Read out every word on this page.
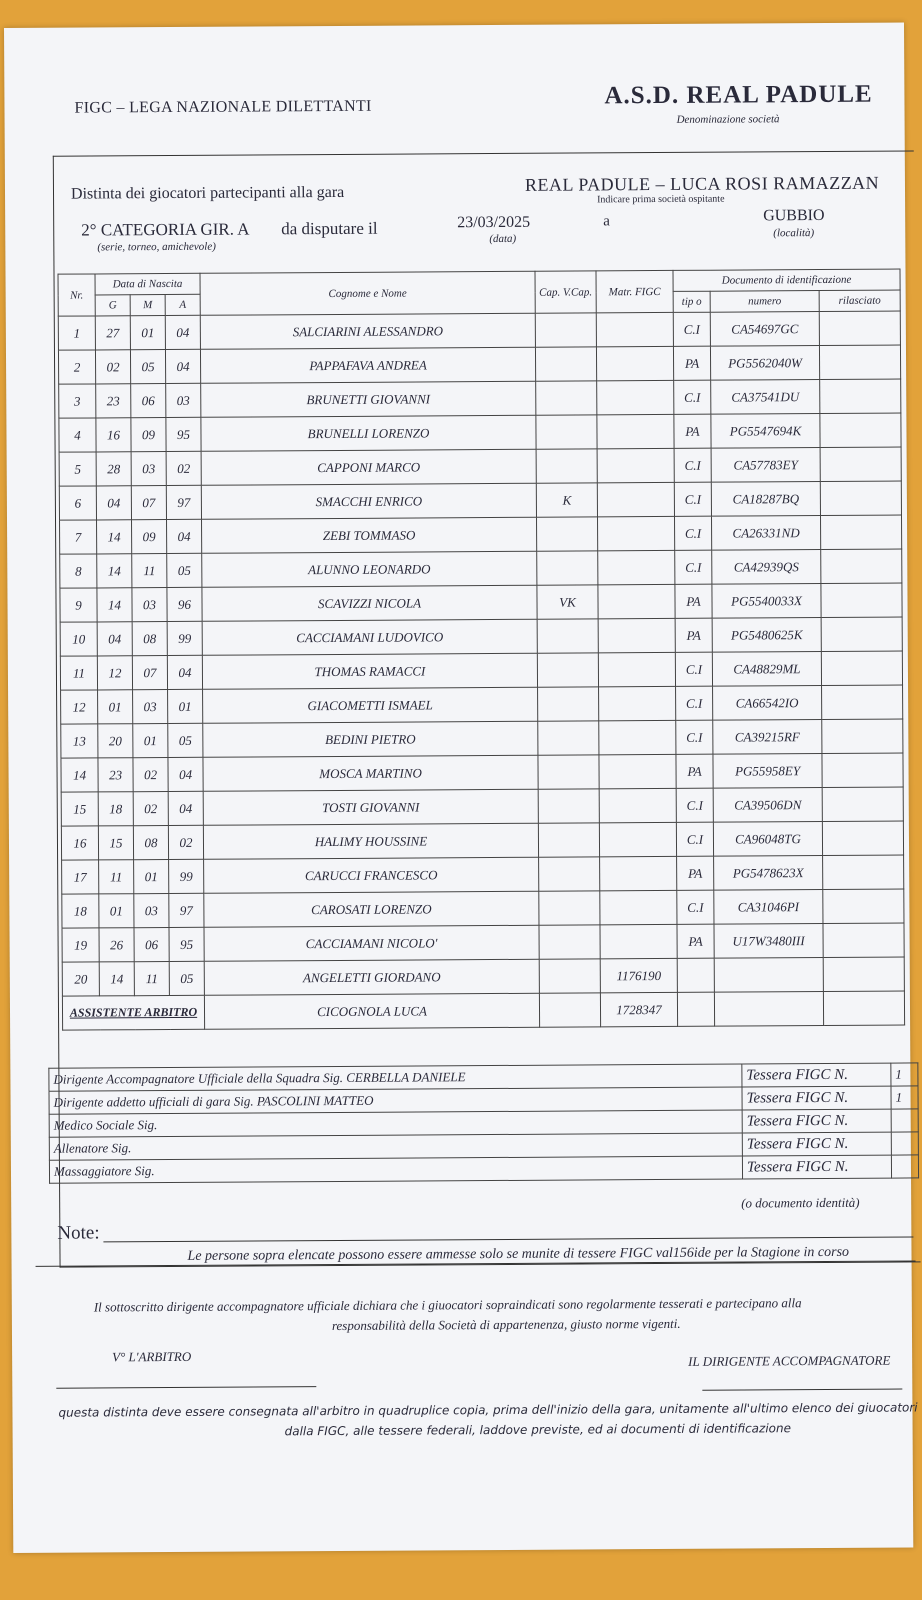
FIGC – LEGA NAZIONALE DILETTANTI	A.S.D. REAL PADULE
Denominazione società
Distinta dei giocatori partecipanti alla gara	REAL PADULE – LUCA ROSI RAMAZZAN
Indicare prima società ospitante
2° CATEGORIA GIR. A
(serie, torneo, amichevole)
da disputare il	23/03/2025
(data)
a	GUBBIO
(località)
Nr.	Data di Nascita			Cognome e Nome	Cap. V.Cap.	Matr. FIGC	Documento di identificazione		
	G	M	A				tip o	numero	rilasciato
1	27	01	04	SALCIARINI ALESSANDRO			C.I	CA54697GC	
2	02	05	04	PAPPAFAVA ANDREA			PA	PG5562040W	
3	23	06	03	BRUNETTI GIOVANNI			C.I	CA37541DU	
4	16	09	95	BRUNELLI LORENZO			PA	PG5547694K	
5	28	03	02	CAPPONI MARCO			C.I	CA57783EY	
6	04	07	97	SMACCHI ENRICO	K		C.I	CA18287BQ	
7	14	09	04	ZEBI TOMMASO			C.I	CA26331ND	
8	14	11	05	ALUNNO LEONARDO			C.I	CA42939QS	
9	14	03	96	SCAVIZZI NICOLA	VK		PA	PG5540033X	
10	04	08	99	CACCIAMANI LUDOVICO			PA	PG5480625K	
11	12	07	04	THOMAS RAMACCI			C.I	CA48829ML	
12	01	03	01	GIACOMETTI ISMAEL			C.I	CA66542IO	
13	20	01	05	BEDINI PIETRO			C.I	CA39215RF	
14	23	02	04	MOSCA MARTINO			PA	PG55958EY	
15	18	02	04	TOSTI GIOVANNI			C.I	CA39506DN	
16	15	08	02	HALIMY HOUSSINE			C.I	CA96048TG	
17	11	01	99	CARUCCI FRANCESCO			PA	PG5478623X	
18	01	03	97	CAROSATI LORENZO			C.I	CA31046PI	
19	26	06	95	CACCIAMANI NICOLO'			PA	U17W3480III	
20	14	11	05	ANGELETTI GIORDANO		1176190			
ASSISTENTE ARBITRO				CICOGNOLA LUCA		1728347			
Dirigente Accompagnatore Ufficiale della Squadra Sig. CERBELLA DANIELE	Tessera FIGC N.	1
Dirigente addetto ufficiali di gara Sig. PASCOLINI MATTEO	Tessera FIGC N.	1
Medico Sociale Sig.	Tessera FIGC N.	
Allenatore Sig.	Tessera FIGC N.	
Massaggiatore Sig.	Tessera FIGC N.	
(o documento identità)
Note:
Le persone sopra elencate possono essere ammesse solo se munite di tessere FIGC val156ide per la Stagione in corso
Il sottoscritto dirigente accompagnatore ufficiale dichiara che i giuocatori sopraindicati sono regolarmente tesserati e partecipano alla
responsabilità della Società di appartenenza, giusto norme vigenti.
V° L'ARBITRO	IL DIRIGENTE ACCOMPAGNATORE
questa distinta deve essere consegnata all'arbitro in quadruplice copia, prima dell'inizio della gara, unitamente all'ultimo elenco dei giuocatori
dalla FIGC, alle tessere federali, laddove previste, ed ai documenti di identificazione
